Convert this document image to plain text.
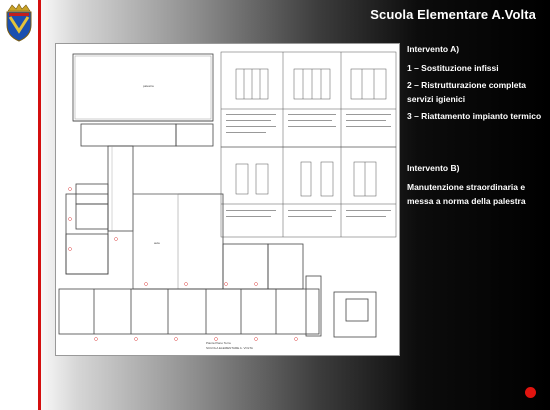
Scuola Elementare A.Volta
palestra
aula
Pianta Piano Terra
SCUOLA ELEMENTARE A. VOLTA

Intervento A)

1 – Sostituzione infissi
2 – Ristrutturazione completa servizi igienici
3 – Riattamento impianto termico

Intervento B)

Manutenzione straordinaria e messa a norma della palestra
